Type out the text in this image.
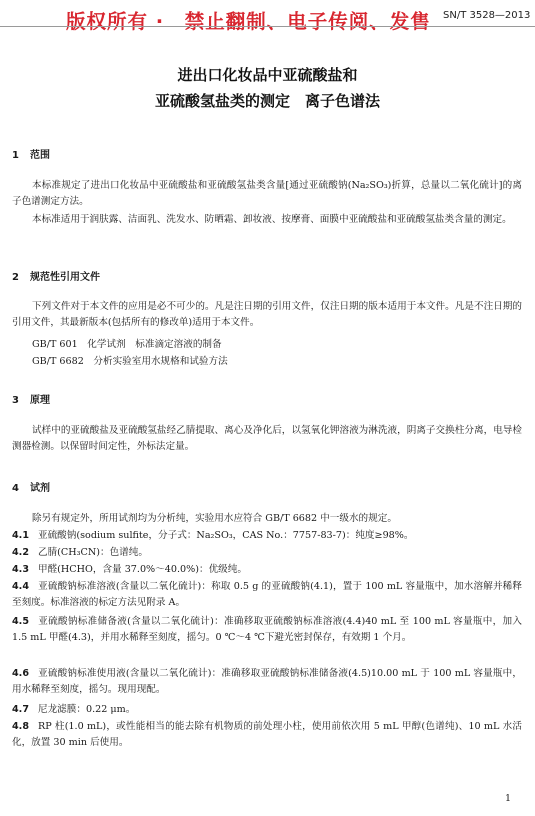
版权所有 ·　禁止翻制、电子传阅、发售 SN/T 3528—2013
进出口化妆品中亚硫酸盐和
亚硫酸氢盐类的测定　离子色谱法
1 范围
本标准规定了进出口化妆品中亚硫酸盐和亚硫酸氢盐类含量[通过亚硫酸钠(Na₂SO₃)折算，总量以二氧化硫计]的离子色谱测定方法。
本标准适用于润肤露、洁面乳、洗发水、防晒霜、卸妆液、按摩膏、面膜中亚硫酸盐和亚硫酸氢盐类含量的测定。
2 规范性引用文件
下列文件对于本文件的应用是必不可少的。凡是注日期的引用文件，仅注日期的版本适用于本文件。凡是不注日期的引用文件，其最新版本(包括所有的修改单)适用于本文件。
GB/T 601　化学试剂　标准滴定溶液的制备
GB/T 6682　分析实验室用水规格和试验方法
3 原理
试样中的亚硫酸盐及亚硫酸氢盐经乙腈提取、离心及净化后，以氢氧化钾溶液为淋洗液，阴离子交换柱分离，电导检测器检测。以保留时间定性，外标法定量。
4 试剂
除另有规定外，所用试剂均为分析纯，实验用水应符合 GB/T 6682 中一级水的规定。
4.1 亚硫酸钠(sodium sulfite，分子式：Na₂SO₃，CAS No.：7757-83-7)：纯度≥98%。
4.2 乙腈(CH₃CN)：色谱纯。
4.3 甲醛(HCHO，含量 37.0%～40.0%)：优级纯。
4.4 亚硫酸钠标准溶液(含量以二氧化硫计)：称取 0.5 g 的亚硫酸钠(4.1)，置于 100 mL 容量瓶中，加水溶解并稀释至刻度。标准溶液的标定方法见附录 A。
4.5 亚硫酸钠标准储备液(含量以二氧化硫计)：准确移取亚硫酸钠标准溶液(4.4)40 mL 至 100 mL 容量瓶中，加入 1.5 mL 甲醛(4.3)，并用水稀释至刻度，摇匀。0 ℃～4 ℃下避光密封保存，有效期 1 个月。
4.6 亚硫酸钠标准使用液(含量以二氧化硫计)：准确移取亚硫酸钠标准储备液(4.5)10.00 mL 于 100 mL 容量瓶中，用水稀释至刻度，摇匀。现用现配。
4.7 尼龙滤膜：0.22 μm。
4.8 RP 柱(1.0 mL)，或性能相当的能去除有机物质的前处理小柱，使用前依次用 5 mL 甲醇(色谱纯)、10 mL 水活化，放置 30 min 后使用。
1
